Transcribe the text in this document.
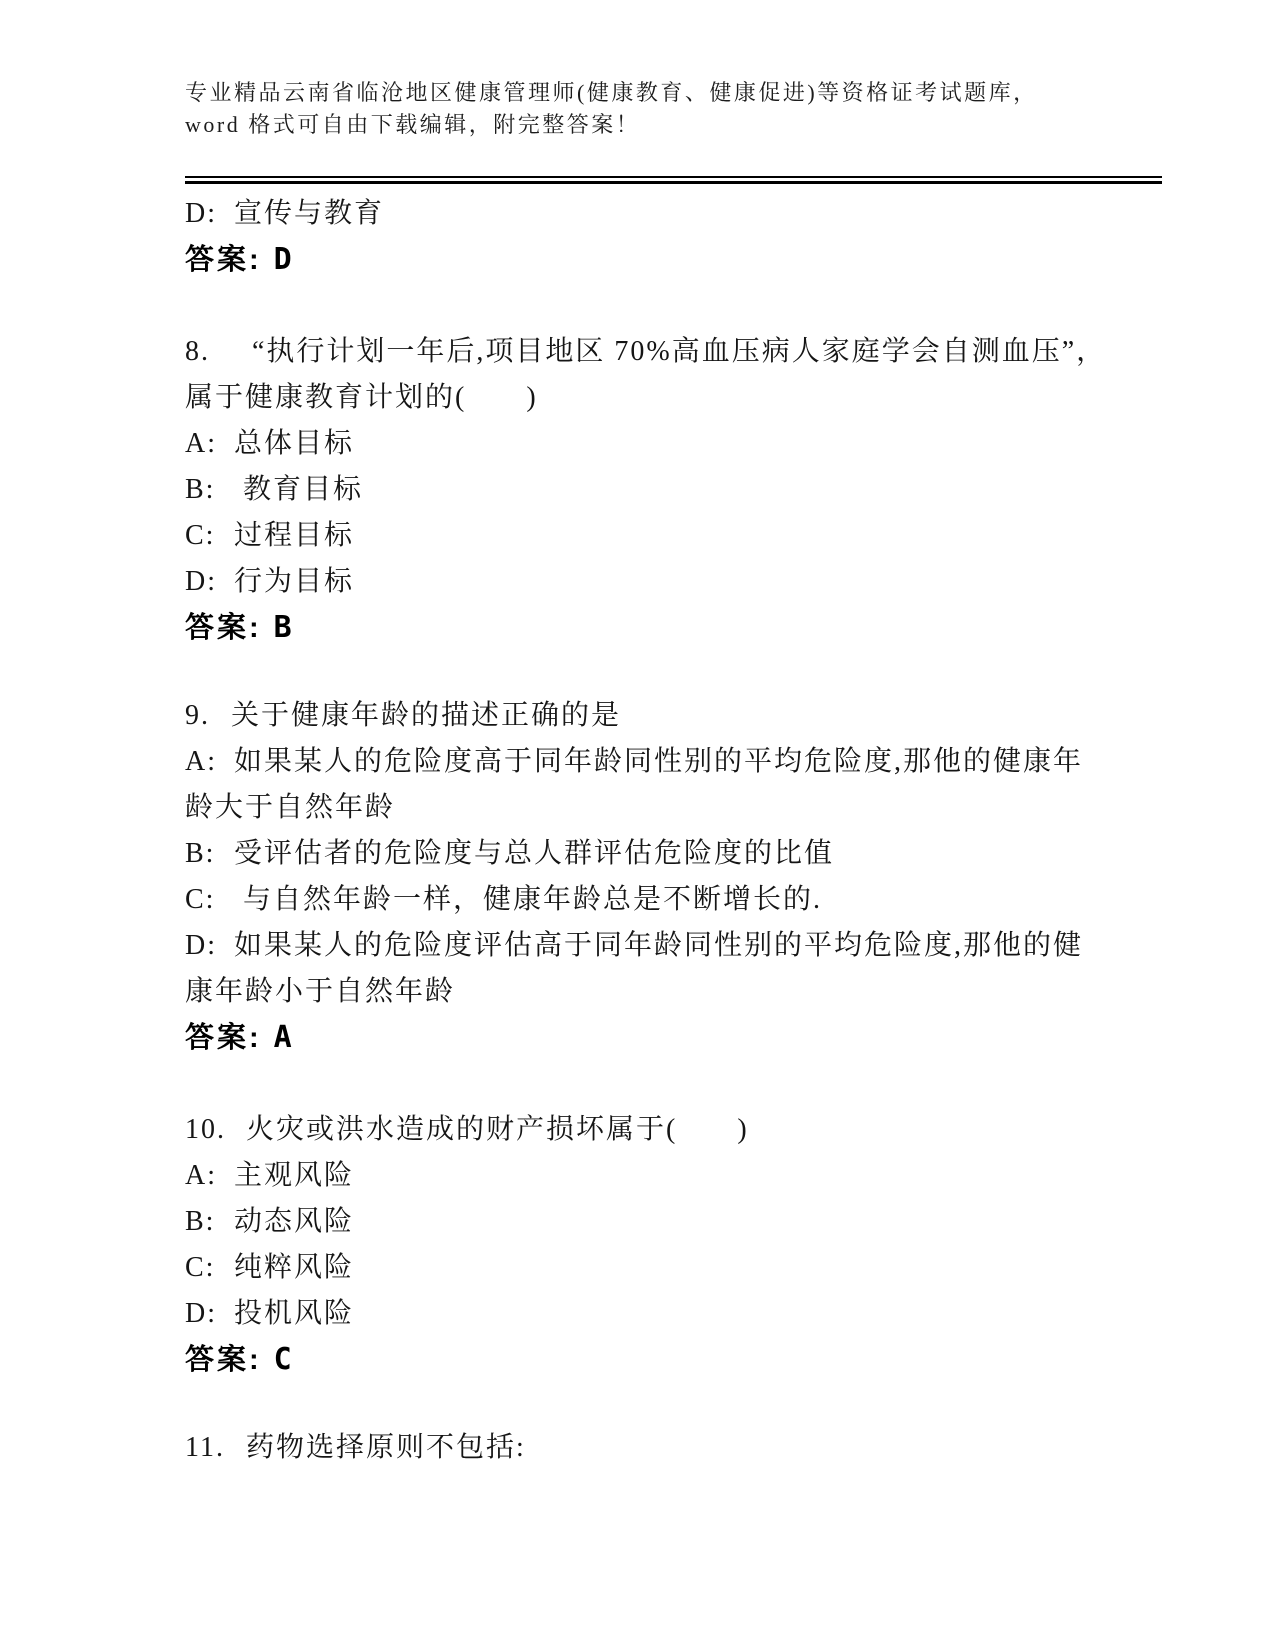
专业精品云南省临沧地区健康管理师(健康教育、健康促进)等资格证考试题库，
word 格式可自由下载编辑，附完整答案！
D: 宣传与教育
答案: D
8. “执行计划一年后,项目地区 70%高血压病人家庭学会自测血压”，
属于健康教育计划的(　　)
A: 总体目标
B: 教育目标
C: 过程目标
D: 行为目标
答案: B
9. 关于健康年龄的描述正确的是
A: 如果某人的危险度高于同年龄同性别的平均危险度,那他的健康年
龄大于自然年龄
B: 受评估者的危险度与总人群评估危险度的比值
C: 与自然年龄一样，健康年龄总是不断增长的.
D: 如果某人的危险度评估高于同年龄同性别的平均危险度,那他的健
康年龄小于自然年龄
答案: A
10. 火灾或洪水造成的财产损坏属于(　　)
A: 主观风险
B: 动态风险
C: 纯粹风险
D: 投机风险
答案: C
11. 药物选择原则不包括:
